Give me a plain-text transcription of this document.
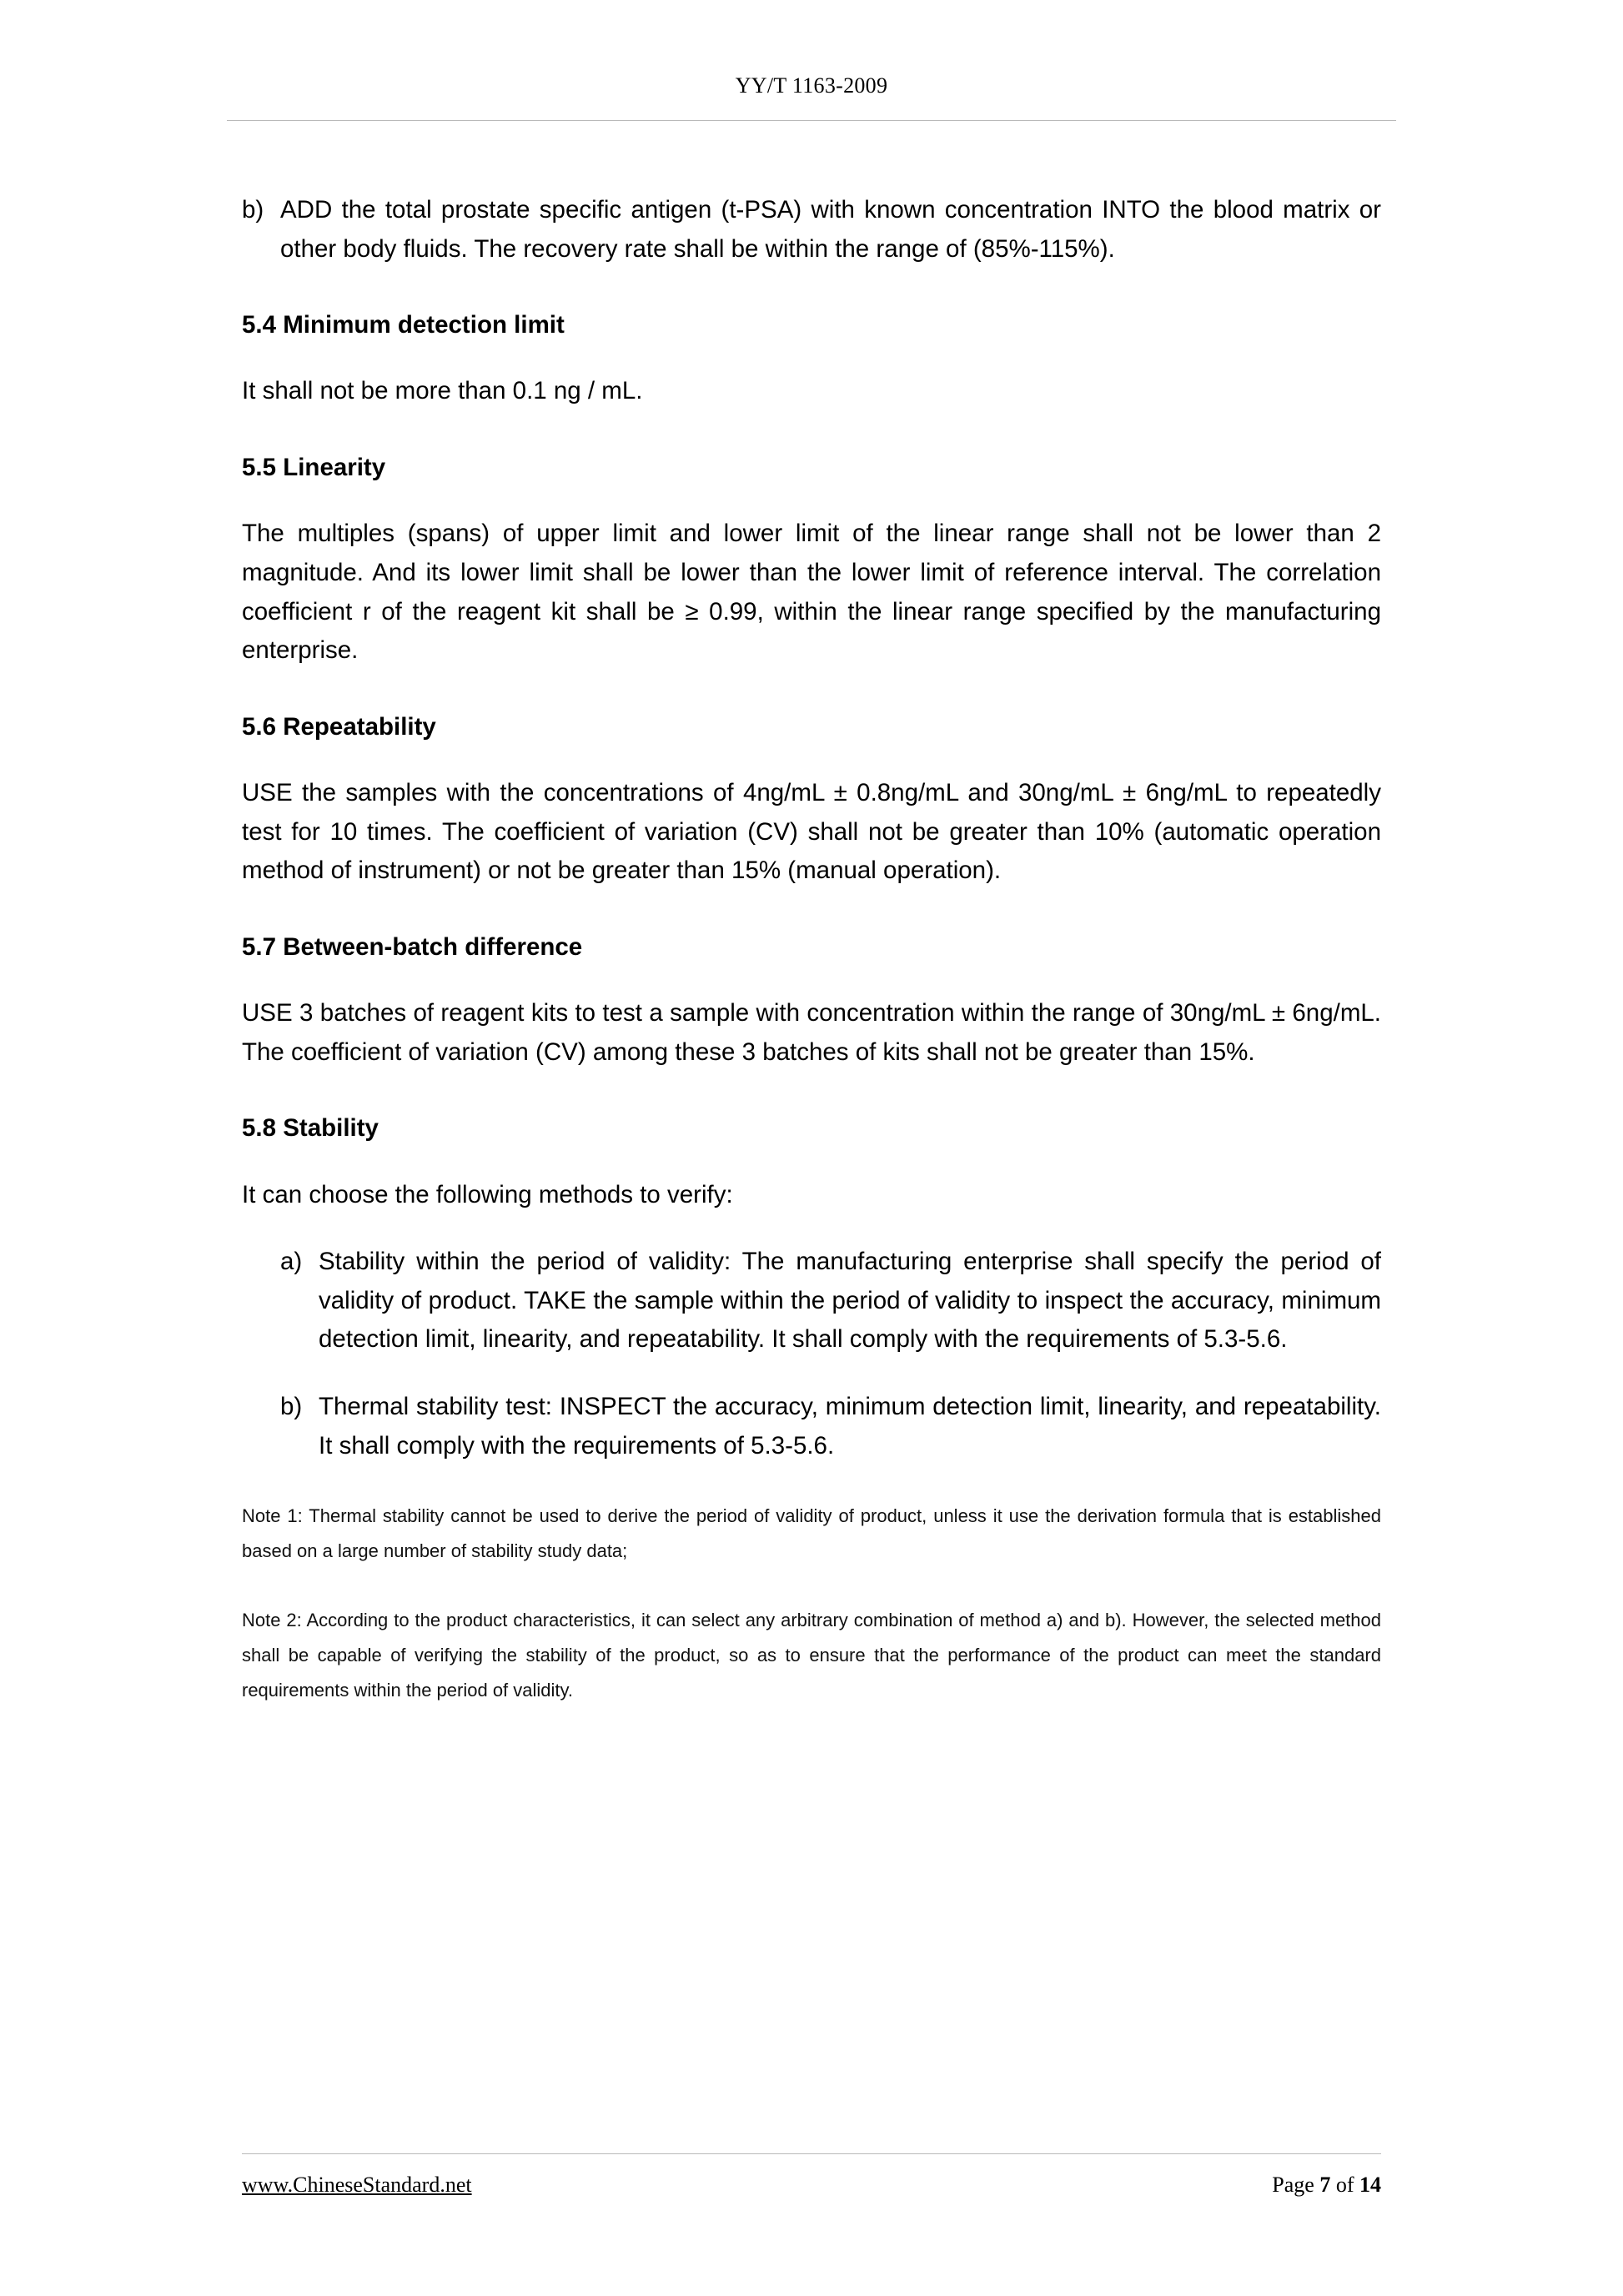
YY/T 1163-2009
b) ADD the total prostate specific antigen (t-PSA) with known concentration INTO the blood matrix or other body fluids. The recovery rate shall be within the range of (85%-115%).
5.4 Minimum detection limit

It shall not be more than 0.1 ng / mL.

5.5 Linearity

The multiples (spans) of upper limit and lower limit of the linear range shall not be lower than 2 magnitude. And its lower limit shall be lower than the lower limit of reference interval. The correlation coefficient r of the reagent kit shall be ≥ 0.99, within the linear range specified by the manufacturing enterprise.

5.6 Repeatability

USE the samples with the concentrations of 4ng/mL ± 0.8ng/mL and 30ng/mL ± 6ng/mL to repeatedly test for 10 times. The coefficient of variation (CV) shall not be greater than 10% (automatic operation method of instrument) or not be greater than 15% (manual operation).

5.7 Between-batch difference

USE 3 batches of reagent kits to test a sample with concentration within the range of 30ng/mL ± 6ng/mL. The coefficient of variation (CV) among these 3 batches of kits shall not be greater than 15%.

5.8 Stability

It can choose the following methods to verify:

a) Stability within the period of validity: The manufacturing enterprise shall specify the period of validity of product. TAKE the sample within the period of validity to inspect the accuracy, minimum detection limit, linearity, and repeatability. It shall comply with the requirements of 5.3-5.6.
b) Thermal stability test: INSPECT the accuracy, minimum detection limit, linearity, and repeatability. It shall comply with the requirements of 5.3-5.6.

Note 1: Thermal stability cannot be used to derive the period of validity of product, unless it use the derivation formula that is established based on a large number of stability study data;

Note 2: According to the product characteristics, it can select any arbitrary combination of method a) and b). However, the selected method shall be capable of verifying the stability of the product, so as to ensure that the performance of the product can meet the standard requirements within the period of validity.

www.ChineseStandard.net	Page 7 of 14
